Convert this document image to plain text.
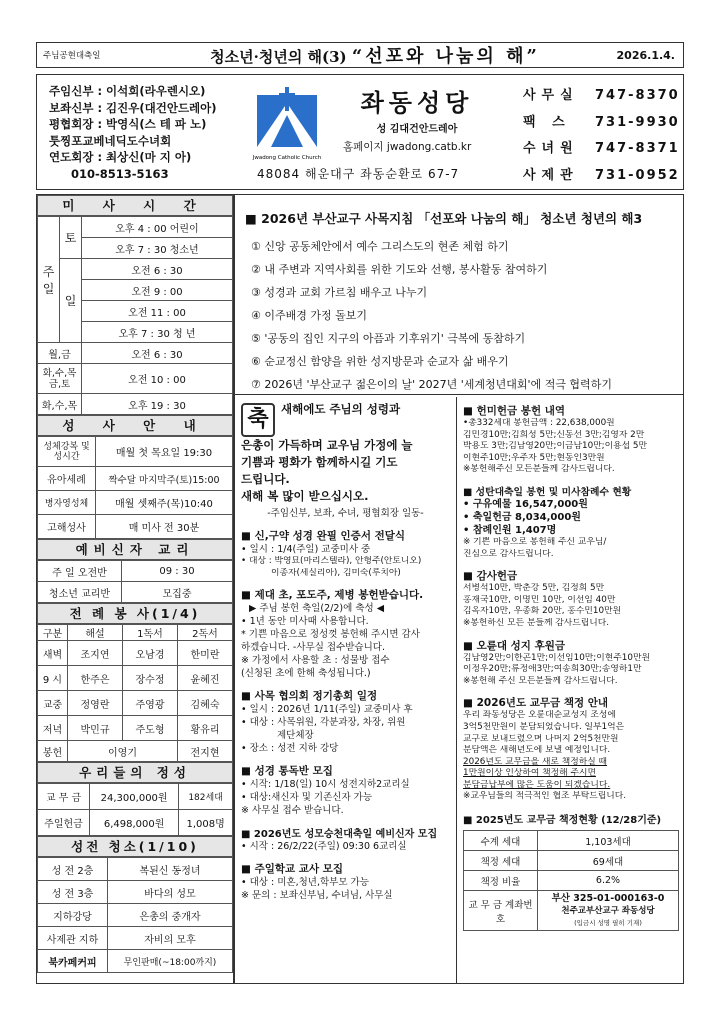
주님공현대축일	청소년·청년의 해(3) “선포와 나눔의 해”	2026.1.4.
주임신부 : 이석희(라우렌시오)
보좌신부 : 김진우(대건안드레아)
평협회장 : 박영식(스 테 파 노)
툿찡포교베네딕도수녀회
연도회장 : 최상신(마 지 아)
010-8513-5163
Jwadong Catholic Church
좌동성당
성 김대건안드레아
홈페이지 jwadong.catb.kr
48084 해운대구 좌동순환로 67-7
사무실 747-8370
팩 스 731-9930
수녀원 747-8371
사제관 731-0952
미 사 시 간
주일	토	오후 4 : 00 어린이
		오후 7 : 30 청소년
	일	오전 6 : 30
		오전 9 : 00
		오전 11 : 00
		오후 7 : 30 청 년
월,금		오전 6 : 30
화,수,목 금,토		오전 10 : 00
화,수,목		오후 19 : 30
성 사 안 내
성체강복 및 성시간	매월 첫 목요일 19:30
유아세례	짝수달 마지막주(토)15:00
병자영성체	매월 셋째주(목)10:40
고해성사	매 미사 전 30분
예비신자 교리
주 일 오전반	09 : 30
청소년 교리반	모집중
전 례 봉 사(1/4)
구분	해설	1독서	2독서
새벽	조지연	오남경	한미란
9 시	한주은	장수정	윤혜진
교중	정영란	주영광	김혜숙
저녁	박민규	주도형	황유리
봉헌	이영기		전지현
우리들의 정성
교 무 금	24,300,000원	182세대
주일헌금	6,498,000원	1,008명
성전 청소(1/10)
성 전 2층	복된신 동정녀
성 전 3층	바다의 성모
지하강당	은총의 중개자
사제관 지하	자비의 모후
북카페커피	무인판매(~18:00까지)
■ 2026년 부산교구 사목지침 「선포와 나눔의 해」 청소년 청년의 해3
① 신앙 공동체안에서 예수 그리스도의 현존 체험 하기
② 내 주변과 지역사회를 위한 기도와 선행, 봉사활동 참여하기
③ 성경과 교회 가르침 배우고 나누기
④ 이주배경 가정 돌보기
⑤ '공동의 집인 지구의 아픔과 기후위기' 극복에 동참하기
⑥ 순교정신 함양을 위한 성지방문과 순교자 삶 배우기
⑦ 2026년 '부산교구 젊은이의 날' 2027년 '세계청년대회'에 적극 협력하기
축	새해에도 주님의 성령과
은총이 가득하며 교우님 가정에 늘
기쁨과 평화가 함께하시길 기도
드립니다.
새해 복 많이 받으십시오.
-주임신부, 보좌, 수녀, 평협회장 일동-
■ 신,구약 성경 완필 인증서 전달식
• 일시 : 1/4(주일) 교중미사 중
• 대상 : 박영묘(마리스텔라), 안형주(안토니오)
이종자(세실리아), 김미숙(루치아)
■ 제대 초, 포도주, 제병 봉헌받습니다.
▶ 주님 봉헌 축일(2/2)에 축성 ◀
• 1년 동안 미사때 사용합니다.
* 기쁜 마음으로 정성껏 봉헌해 주시면 감사
하겠습니다. -사무실 접수받습니다.
※ 가정에서 사용할 초 : 성물방 접수
(신청된 초에 한해 축성됩니다.)
■ 사목 협의회 정기총회 일정
• 일시 : 2026년 1/11(주일) 교중미사 후
• 대상 : 사목위원, 각분과장, 차장, 위원
제단체장
• 장소 : 성전 지하 강당
■ 성경 통독반 모집
• 시작: 1/18(일) 10시 성전지하2교리실
• 대상:새신자 및 기존신자 가능
※ 사무실 접수 받습니다.
■ 2026년도 성모승천대축일 예비신자 모집
• 시작 : 26/2/22(주일) 09:30 6교리실
■ 주일학교 교사 모집
• 대상 : 미혼,청년,학부모 가능
※ 문의 : 보좌신부님, 수녀님, 사무실
■ 헌미헌금 봉헌 내역
•총332세대 봉헌금액 : 22,638,000원
김민경10만;김희성 5만;신동선 3만;김영자 2만
박용도 3만;김남영20만;이금남10만;이용섭 5만
이현주10만;우주자 5만;현동인3만원
※봉헌해주신 모든분들께 감사드립니다.
■ 성탄대축일 봉헌 및 미사참례수 현황
• 구유예물 16,547,000원
• 축일헌금 8,034,000원
• 참례인원 1,407명
※ 기쁜 마음으로 봉헌해 주신 교우님/
진심으로 감사드립니다.
■ 감사헌금
서병석10만, 박춘강 5만, 김정희 5만
홍재국10만, 이명민 10만, 이선임 40만
김옥자10만, 우종화 20만, 홍수민10만원
※봉헌하신 모든 분들께 감사드립니다.
■ 오륜대 성지 후원금
김남영2만;이한곤1만;이선임10만;이현주10만원
이정우20만;류정애3만;여송희30만;송영하1만
※봉헌해 주신 모든분들께 감사드립니다.
■ 2026년도 교무금 책정 안내
우리 좌동성당은 오륜대순교성지 조성에
3억5천만원이 분담되었습니다. 일부1억은
교구로 보내드렸으며 나머지 2억5천만원
분담액은 새해년도에 보낼 예정입니다.
2026년도 교무금을 새로 책정하실 때
1만원이상 인상하여 책정해 주시면
분담금납부에 많은 도움이 되겠습니다.
※교우님들의 적극적인 협조 부탁드립니다.
■ 2025년도 교무금 책정현황 (12/28기준)
수계 세대	1,103세대
책정 세대	69세대
책정 비율	6.2%
교 무 금 계좌번호	부산 325-01-000163-0
천주교부산교구 좌동성당
(입금시 성명 필히 기재)
